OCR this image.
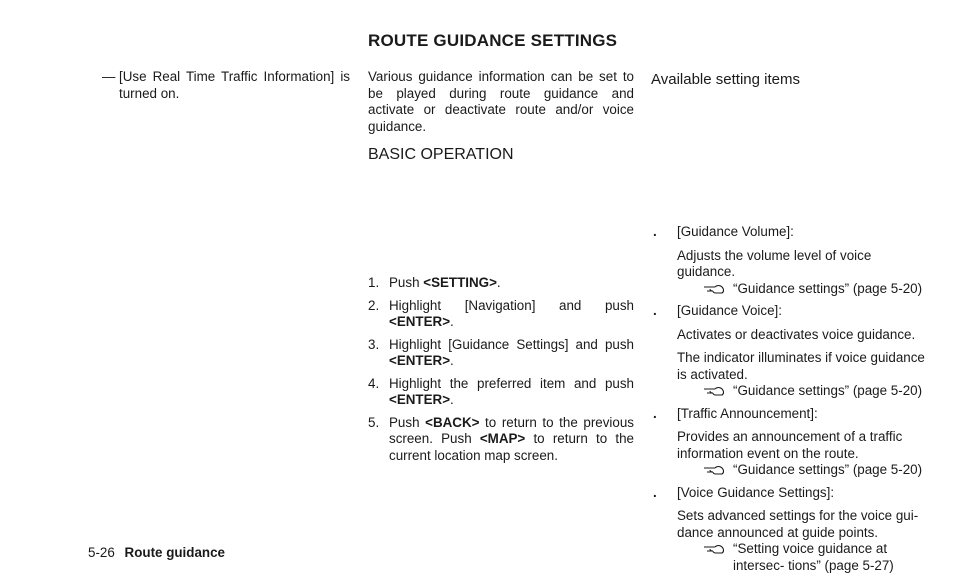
ROUTE GUIDANCE SETTINGS
— [Use Real Time Traffic Information] is turned on.
Various guidance information can be set to be played during route guidance and activate or deactivate route and/or voice guidance.
BASIC OPERATION
1. Push <SETTING>.
2. Highlight [Navigation] and push <ENTER>.
3. Highlight [Guidance Settings] and push <ENTER>.
4. Highlight the preferred item and push <ENTER>.
5. Push <BACK> to return to the previous screen. Push <MAP> to return to the current location map screen.
Available setting items
. [Guidance Volume]:
Adjusts the volume level of voice guidance.
“Guidance settings” (page 5-20)
. [Guidance Voice]:
Activates or deactivates voice guidance.
The indicator illuminates if voice guidance is activated.
“Guidance settings” (page 5-20)
. [Traffic Announcement]:
Provides an announcement of a traffic information event on the route.
“Guidance settings” (page 5-20)
. [Voice Guidance Settings]:
Sets advanced settings for the voice gui- dance announced at guide points.
“Setting voice guidance at intersec- tions” (page 5-27)
5-26 Route guidance
